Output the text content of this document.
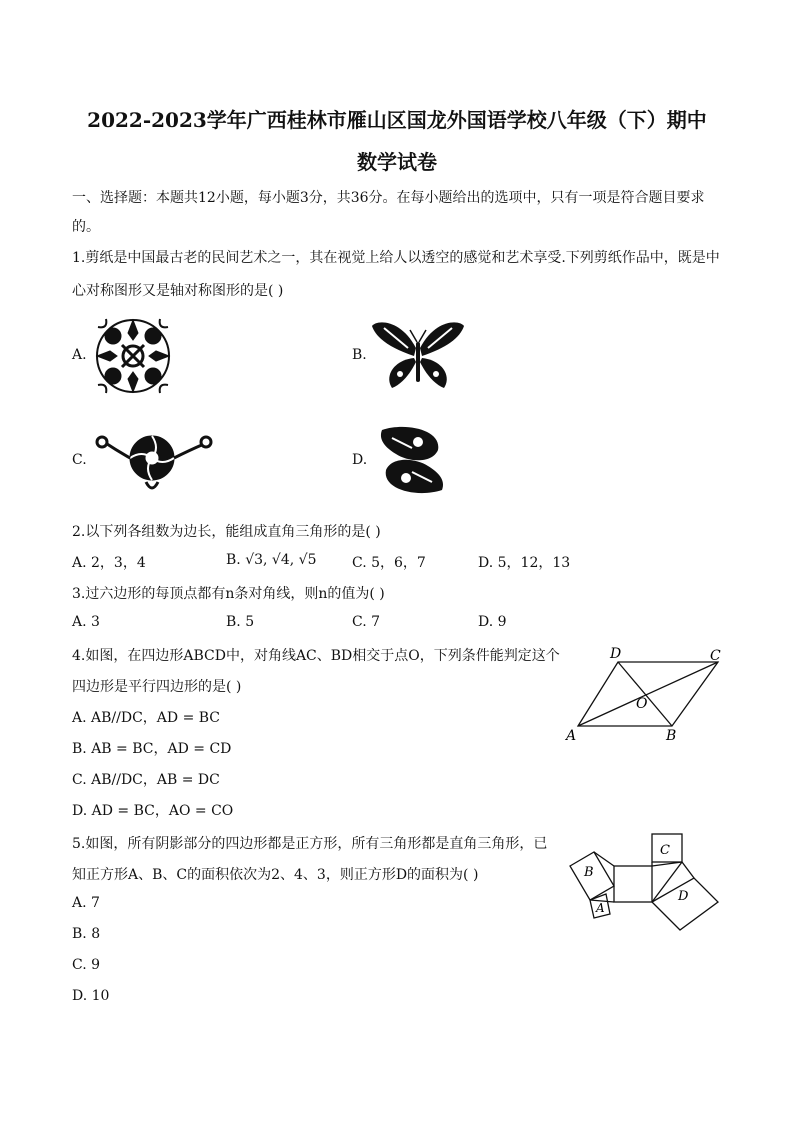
2022-2023学年广西桂林市雁山区国龙外国语学校八年级（下）期中
数学试卷
一、选择题：本题共12小题，每小题3分，共36分。在每小题给出的选项中，只有一项是符合题目要求
的。
1.剪纸是中国最古老的民间艺术之一，其在视觉上给人以透空的感觉和艺术享受.下列剪纸作品中，既是中
心对称图形又是轴对称图形的是( )
A.	B.
C.	D.
2.以下列各组数为边长，能组成直角三角形的是( )
A. 2，3，4	B. √3, √4, √5	C. 5，6，7	D. 5，12，13
3.过六边形的每顶点都有n条对角线，则n的值为( )
A. 3	B. 5	C. 7	D. 9
4.如图，在四边形ABCD中，对角线AC、BD相交于点O，下列条件能判定这个
四边形是平行四边形的是( )
A. AB//DC，AD = BC
B. AB = BC，AD = CD
C. AB//DC，AB = DC
D. AD = BC，AO = CO
D	C
O
A	B
5.如图，所有阴影部分的四边形都是正方形，所有三角形都是直角三角形，已
知正方形A、B、C的面积依次为2、4、3，则正方形D的面积为( )
A. 7
B. 8
C. 9
D. 10
B
A
C
D
